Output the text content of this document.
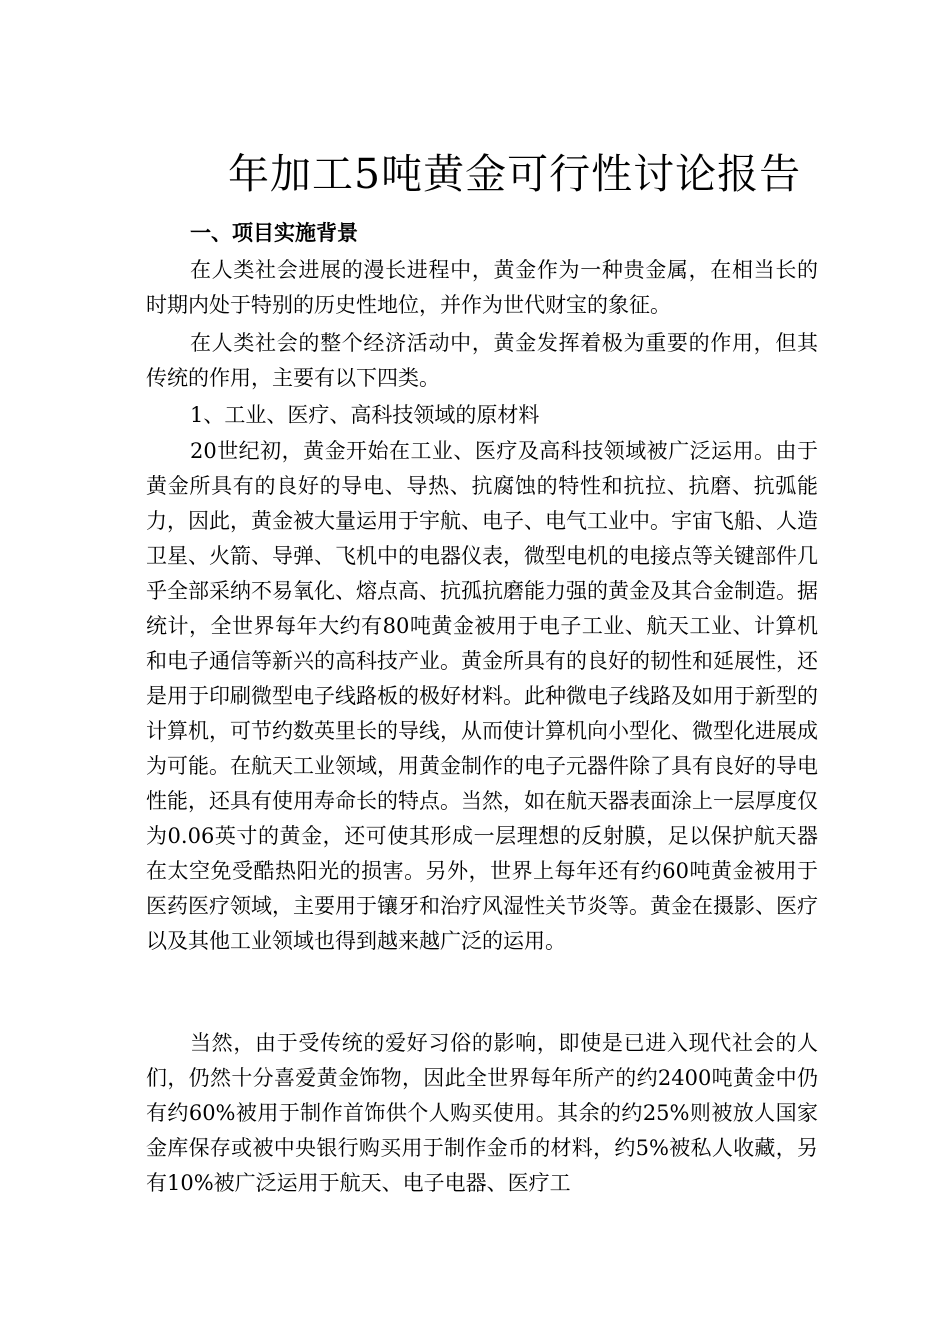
年加工5吨黄金可行性讨论报告
一、项目实施背景

在人类社会进展的漫长进程中，黄金作为一种贵金属，在相当长的时期内处于特别的历史性地位，并作为世代财宝的象征。

在人类社会的整个经济活动中，黄金发挥着极为重要的作用，但其传统的作用，主要有以下四类。

1、工业、医疗、高科技领域的原材料

20世纪初，黄金开始在工业、医疗及高科技领域被广泛运用。由于黄金所具有的良好的导电、导热、抗腐蚀的特性和抗拉、抗磨、抗弧能力，因此，黄金被大量运用于宇航、电子、电气工业中。宇宙飞船、人造卫星、火箭、导弹、飞机中的电器仪表，微型电机的电接点等关键部件几乎全部采纳不易氧化、熔点高、抗孤抗磨能力强的黄金及其合金制造。据统计，全世界每年大约有80吨黄金被用于电子工业、航天工业、计算机和电子通信等新兴的高科技产业。黄金所具有的良好的韧性和延展性，还是用于印刷微型电子线路板的极好材料。此种微电子线路及如用于新型的计算机，可节约数英里长的导线，从而使计算机向小型化、微型化进展成为可能。在航天工业领域，用黄金制作的电子元器件除了具有良好的导电性能，还具有使用寿命长的特点。当然，如在航天器表面涂上一层厚度仅为0.06英寸的黄金，还可使其形成一层理想的反射膜，足以保护航天器在太空免受酷热阳光的损害。另外，世界上每年还有约60吨黄金被用于医药医疗领域，主要用于镶牙和治疗风湿性关节炎等。黄金在摄影、医疗以及其他工业领域也得到越来越广泛的运用。

当然，由于受传统的爱好习俗的影响，即使是已进入现代社会的人们，仍然十分喜爱黄金饰物，因此全世界每年所产的约2400吨黄金中仍有约60%被用于制作首饰供个人购买使用。其余的约25%则被放人国家金库保存或被中央银行购买用于制作金币的材料，约5%被私人收藏，另有10%被广泛运用于航天、电子电器、医疗工
